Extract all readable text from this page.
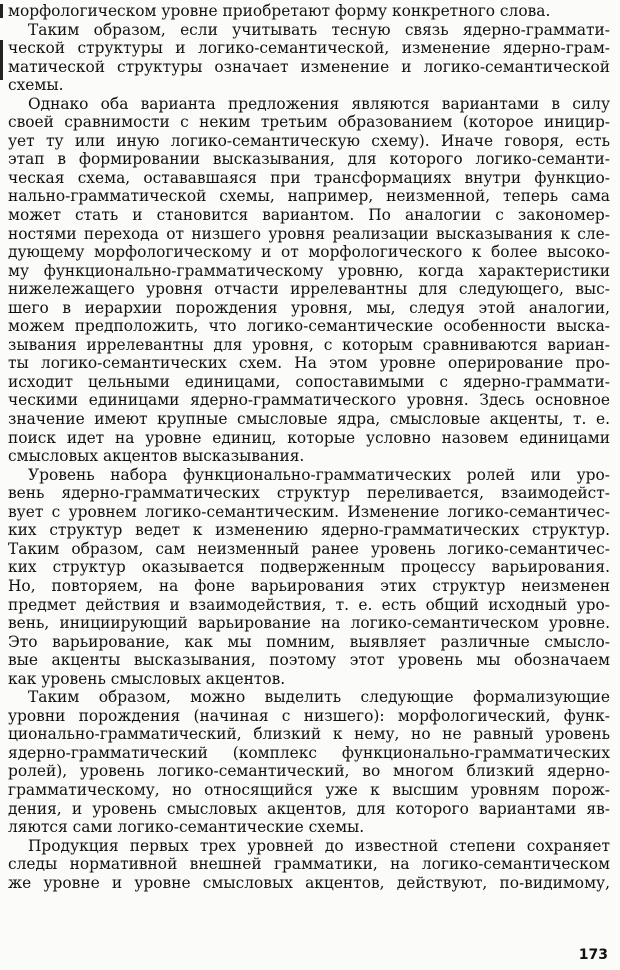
морфологическом уровне приобретают форму конкретного слова.
Таким образом, если учитывать тесную связь ядерно-граммати-
ческой структуры и логико-семантической, изменение ядерно-грам-
матической структуры означает изменение и логико-семантической
схемы.
Однако оба варианта предложения являются вариантами в силу
своей сравнимости с неким третьим образованием (которое иницир-
ует ту или иную логико-семантическую схему). Иначе говоря, есть
этап в формировании высказывания, для которого логико-семанти-
ческая схема, остававшаяся при трансформациях внутри функцио-
нально-грамматической схемы, например, неизменной, теперь сама
может стать и становится вариантом. По аналогии с закономер-
ностями перехода от низшего уровня реализации высказывания к сле-
дующему морфологическому и от морфологического к более высоко-
му функционально-грамматическому уровню, когда характеристики
нижележащего уровня отчасти иррелевантны для следующего, выс-
шего в иерархии порождения уровня, мы, следуя этой аналогии,
можем предположить, что логико-семантические особенности выска-
зывания иррелевантны для уровня, с которым сравниваются вариан-
ты логико-семантических схем. На этом уровне оперирование про-
исходит цельными единицами, сопоставимыми с ядерно-граммати-
ческими единицами ядерно-грамматического уровня. Здесь основное
значение имеют крупные смысловые ядра, смысловые акценты, т. е.
поиск идет на уровне единиц, которые условно назовем единицами
смысловых акцентов высказывания.
Уровень набора функционально-грамматических ролей или уро-
вень ядерно-грамматических структур переливается, взаимодейст-
вует с уровнем логико-семантическим. Изменение логико-семантичес-
ких структур ведет к изменению ядерно-грамматических структур.
Таким образом, сам неизменный ранее уровень логико-семантичес-
ких структур оказывается подверженным процессу варьирования.
Но, повторяем, на фоне варьирования этих структур неизменен
предмет действия и взаимодействия, т. е. есть общий исходный уро-
вень, инициирующий варьирование на логико-семантическом уровне.
Это варьирование, как мы помним, выявляет различные смысло-
вые акценты высказывания, поэтому этот уровень мы обозначаем
как уровень смысловых акцентов.
Таким образом, можно выделить следующие формализующие
уровни порождения (начиная с низшего): морфологический, функ-
ционально-грамматический, близкий к нему, но не равный уровень
ядерно-грамматический (комплекс функционально-грамматических
ролей), уровень логико-семантический, во многом близкий ядерно-
грамматическому, но относящийся уже к высшим уровням порож-
дения, и уровень смысловых акцентов, для которого вариантами яв-
ляются сами логико-семантические схемы.
Продукция первых трех уровней до известной степени сохраняет
следы нормативной внешней грамматики, на логико-семантическом
же уровне и уровне смысловых акцентов, действуют, по-видимому,
173
